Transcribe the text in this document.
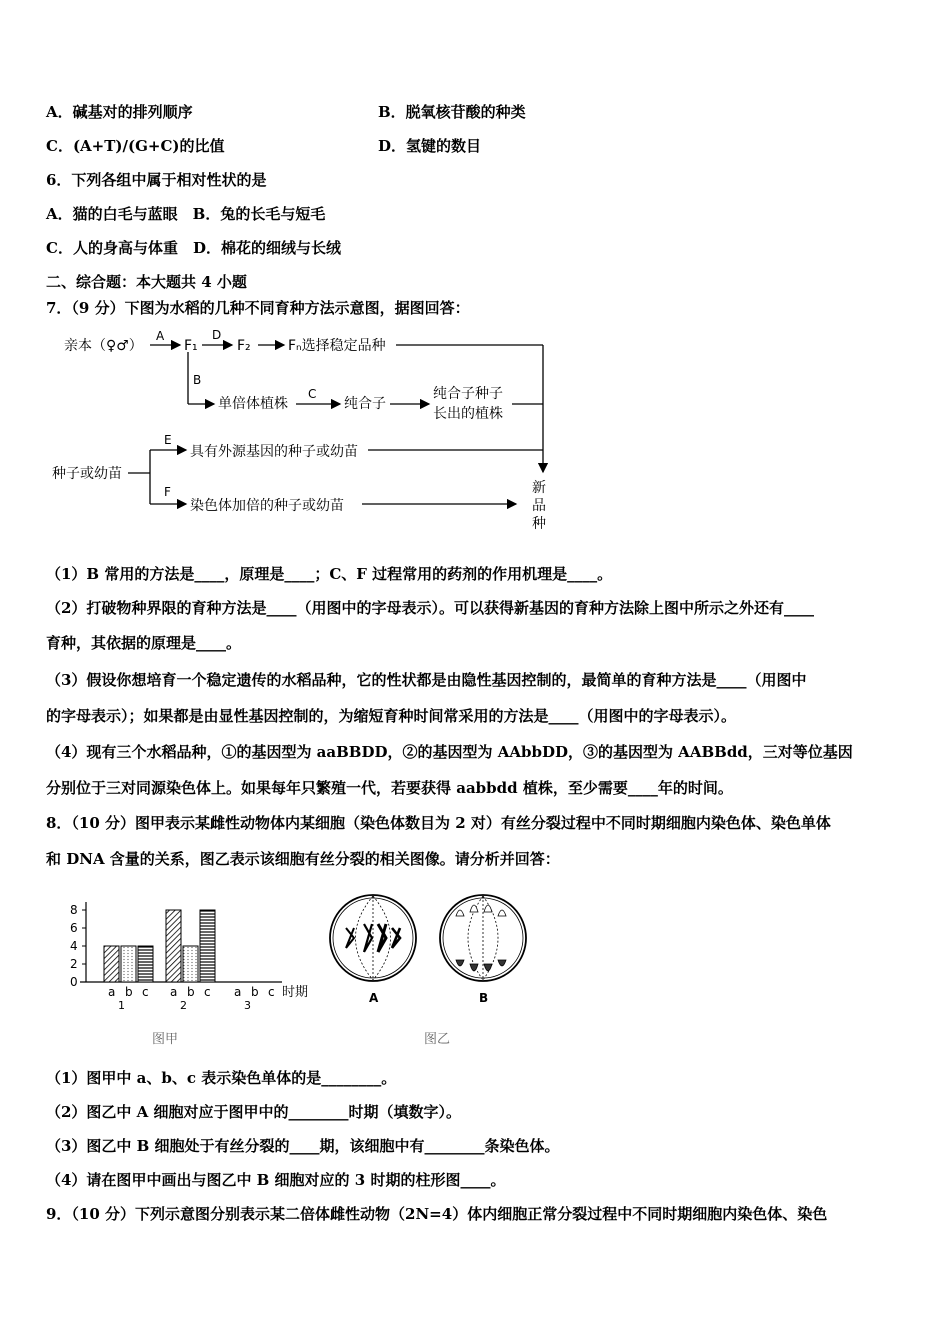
A．碱基对的排列顺序	B．脱氧核苷酸的种类
C．(A+T)/(G+C)的比值	D．氢键的数目
6．下列各组中属于相对性状的是
A．猫的白毛与蓝眼　B．兔的长毛与短毛
C．人的身高与体重　D．棉花的细绒与长绒
二、综合题：本大题共 4 小题
7．（9 分）下图为水稻的几种不同育种方法示意图，据图回答：
亲本（♀♂）
A
F₁
D
F₂	Fₙ选择稳定品种
B
单倍体植株
C
纯合子
纯合子种子
长出的植株
种子或幼苗
E
具有外源基因的种子或幼苗
F
染色体加倍的种子或幼苗
新
品
种
（1）B 常用的方法是____，原理是____；C、F 过程常用的药剂的作用机理是____。
（2）打破物种界限的育种方法是____（用图中的字母表示）。可以获得新基因的育种方法除上图中所示之外还有____
育种，其依据的原理是____。
（3）假设你想培育一个稳定遗传的水稻品种，它的性状都是由隐性基因控制的，最简单的育种方法是____（用图中
的字母表示）；如果都是由显性基因控制的，为缩短育种时间常采用的方法是____（用图中的字母表示）。
（4）现有三个水稻品种，①的基因型为 aaBBDD，②的基因型为 AAbbDD，③的基因型为 AABBdd，三对等位基因
分别位于三对同源染色体上。如果每年只繁殖一代，若要获得 aabbdd 植株，至少需要____年的时间。
8．（10 分）图甲表示某雌性动物体内某细胞（染色体数目为 2 对）有丝分裂过程中不同时期细胞内染色体、染色单体
和 DNA 含量的关系，图乙表示该细胞有丝分裂的相关图像。请分析并回答：
0
2
4
6
8
a b c
1
a b c
2
a b c
3
时期
图甲
A	B
图乙
（1）图甲中 a、b、c 表示染色单体的是________。
（2）图乙中 A 细胞对应于图甲中的________时期（填数字）。
（3）图乙中 B 细胞处于有丝分裂的____期，该细胞中有________条染色体。
（4）请在图甲中画出与图乙中 B 细胞对应的 3 时期的柱形图____。
9．（10 分）下列示意图分别表示某二倍体雌性动物（2N=4）体内细胞正常分裂过程中不同时期细胞内染色体、染色
